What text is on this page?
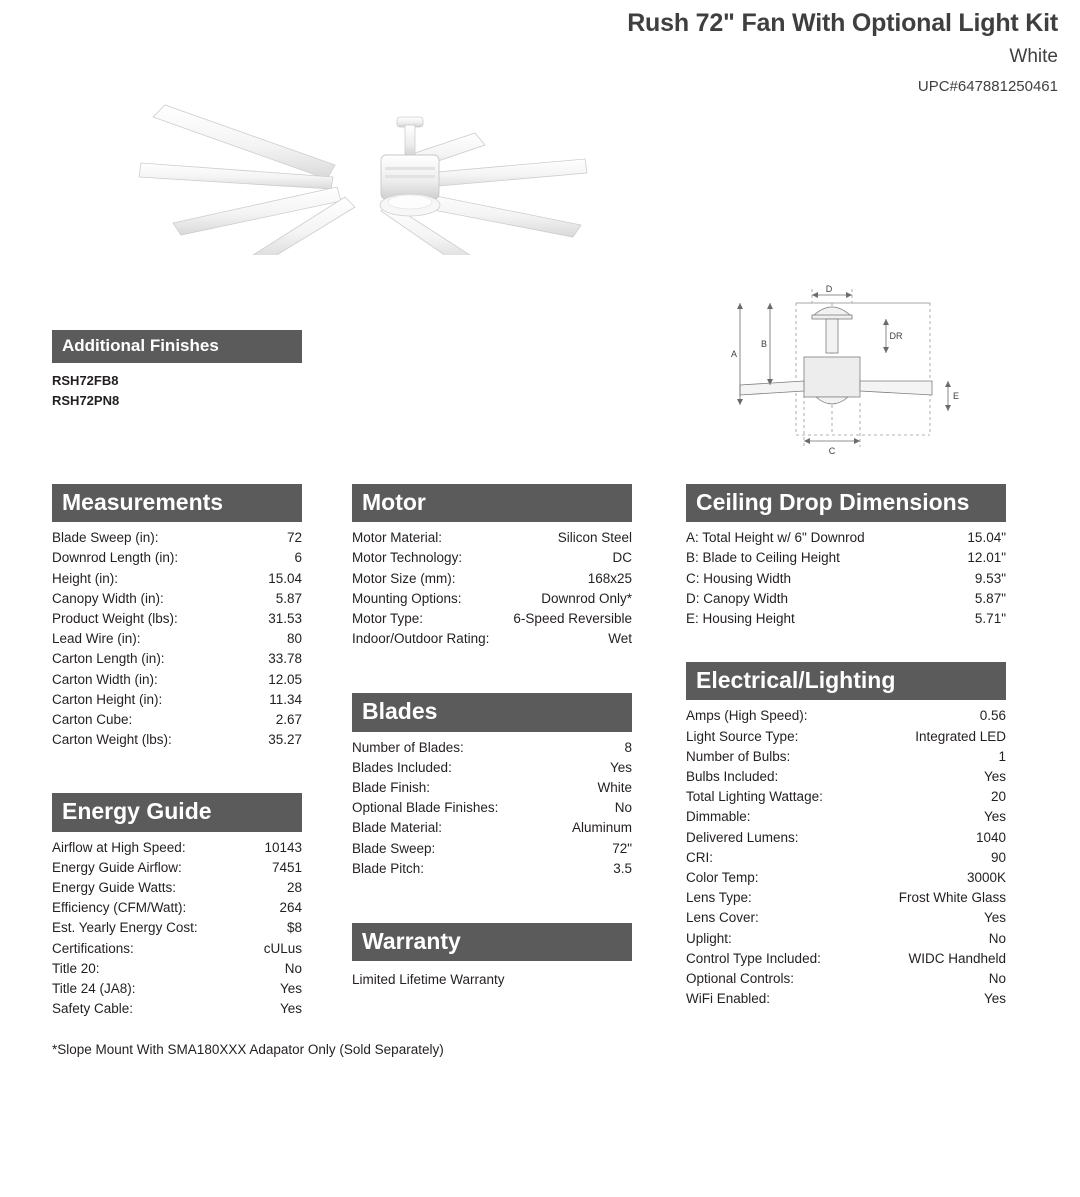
Rush 72" Fan With Optional Light Kit
White
UPC#647881250461
D
A
B
DR
E
C
Additional Finishes
RSH72FB8
RSH72PN8
Measurements
Blade Sweep (in):	72
Downrod Length (in):	6
Height (in):	15.04
Canopy Width (in):	5.87
Product Weight (lbs):	31.53
Lead Wire (in):	80
Carton Length (in):	33.78
Carton Width (in):	12.05
Carton Height (in):	11.34
Carton Cube:	2.67
Carton Weight (lbs):	35.27
Energy Guide
Airflow at High Speed:	10143
Energy Guide Airflow:	7451
Energy Guide Watts:	28
Efficiency (CFM/Watt):	264
Est. Yearly Energy Cost:	$8
Certifications:	cULus
Title 20:	No
Title 24 (JA8):	Yes
Safety Cable:	Yes
Motor
Motor Material:	Silicon Steel
Motor Technology:	DC
Motor Size (mm):	168x25
Mounting Options:	Downrod Only*
Motor Type:	6-Speed Reversible
Indoor/Outdoor Rating:	Wet
Blades
Number of Blades:	8
Blades Included:	Yes
Blade Finish:	White
Optional Blade Finishes:	No
Blade Material:	Aluminum
Blade Sweep:	72"
Blade Pitch:	3.5
Warranty
Limited Lifetime Warranty
Ceiling Drop Dimensions
A: Total Height w/ 6" Downrod	15.04"
B: Blade to Ceiling Height	12.01"
C: Housing Width	9.53"
D: Canopy Width	5.87"
E: Housing Height	5.71"
Electrical/Lighting
Amps (High Speed):	0.56
Light Source Type:	Integrated LED
Number of Bulbs:	1
Bulbs Included:	Yes
Total Lighting Wattage:	20
Dimmable:	Yes
Delivered Lumens:	1040
CRI:	90
Color Temp:	3000K
Lens Type:	Frost White Glass
Lens Cover:	Yes
Uplight:	No
Control Type Included:	WIDC Handheld
Optional Controls:	No
WiFi Enabled:	Yes
*Slope Mount With SMA180XXX Adapator Only (Sold Separately)
